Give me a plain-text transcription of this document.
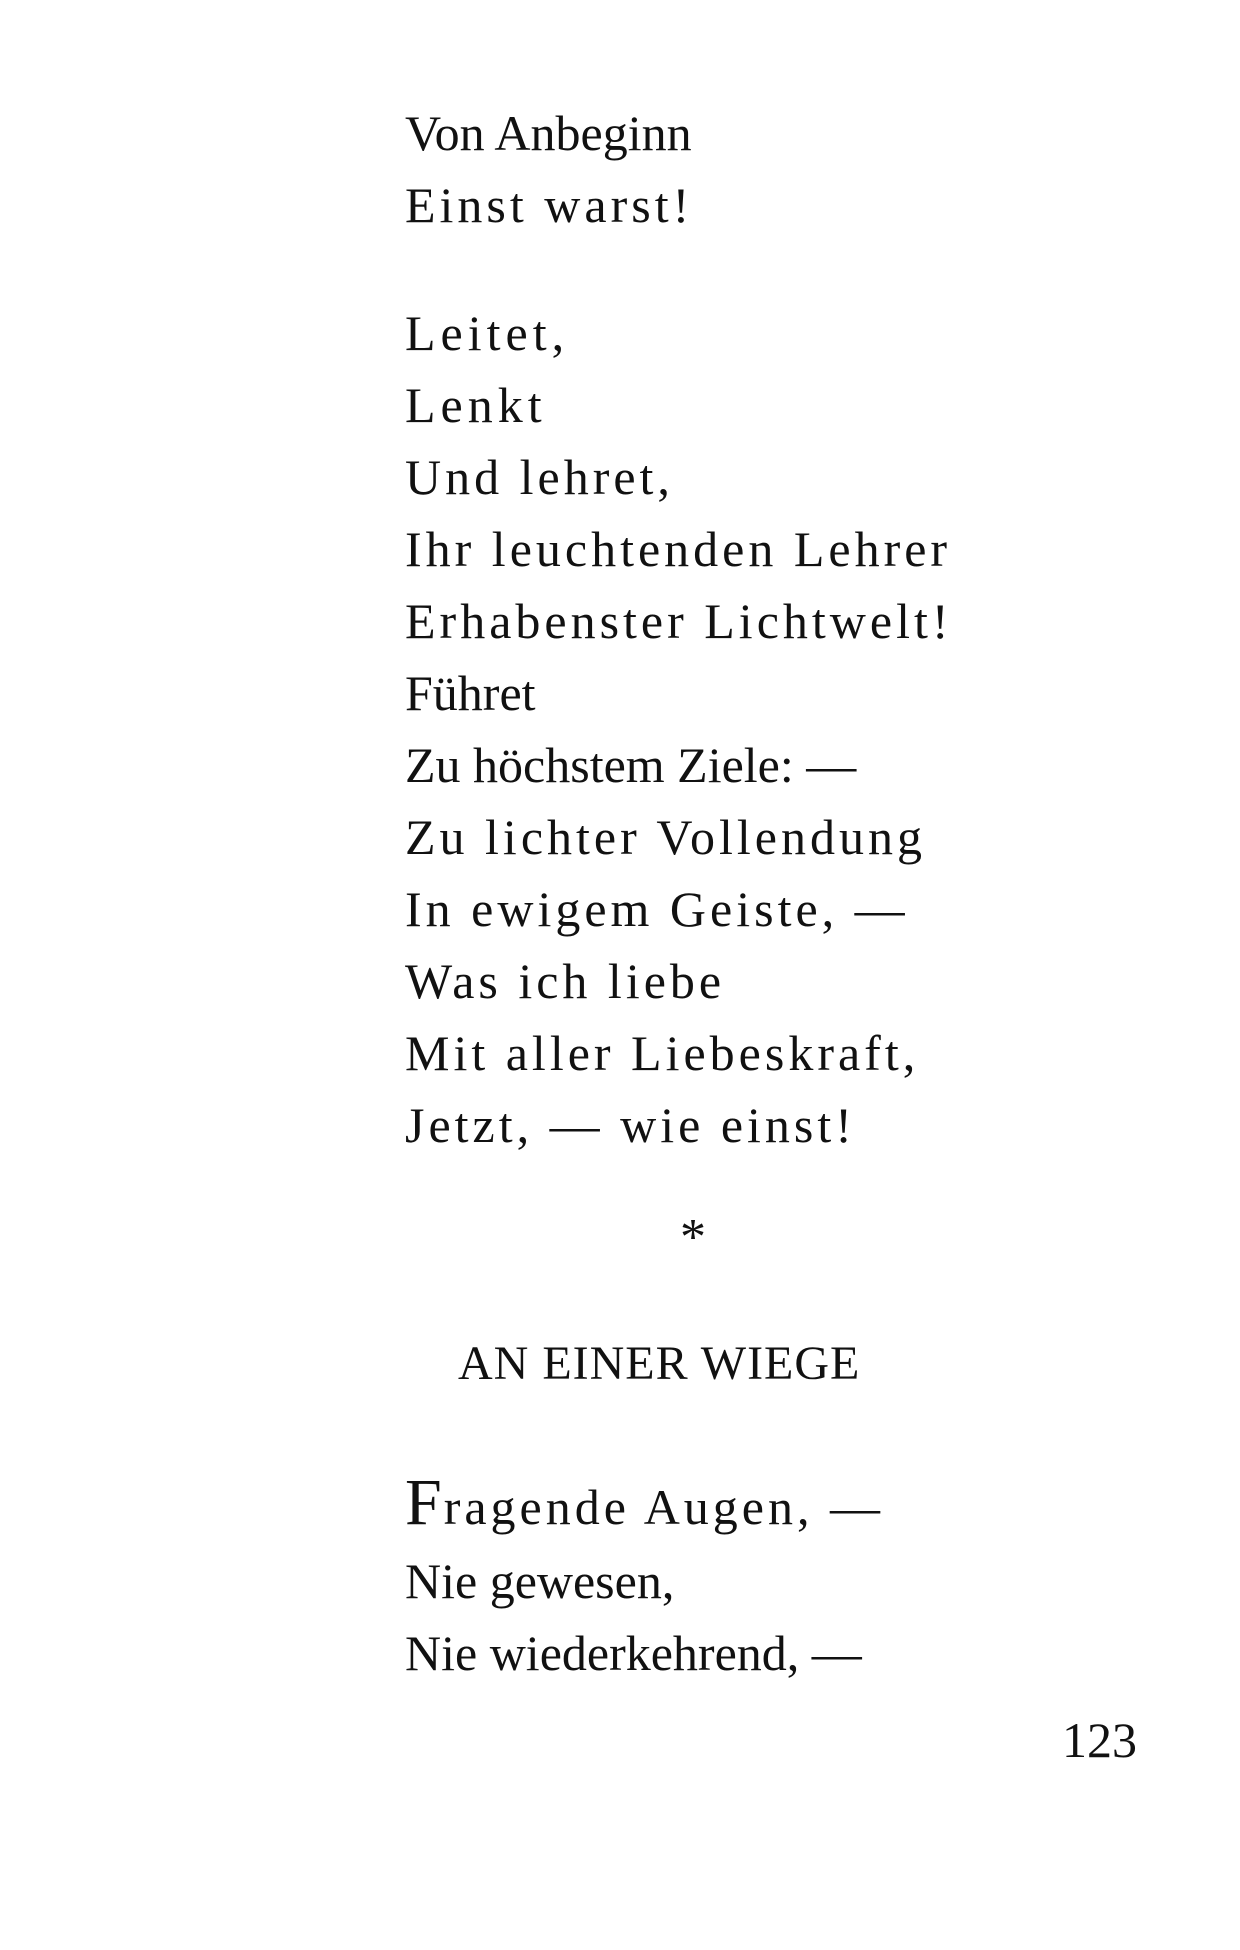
Von Anbeginn
Einst warst!
Leitet,
Lenkt
Und lehret,
Ihr leuchtenden Lehrer
Erhabenster Lichtwelt!
Führet
Zu höchstem Ziele: —
Zu lichter Vollendung
In ewigem Geiste, —
Was ich liebe
Mit aller Liebeskraft,
Jetzt, — wie einst!
*
AN EINER WIEGE
Fragende Augen, —
Nie gewesen,
Nie wiederkehrend, —
123
